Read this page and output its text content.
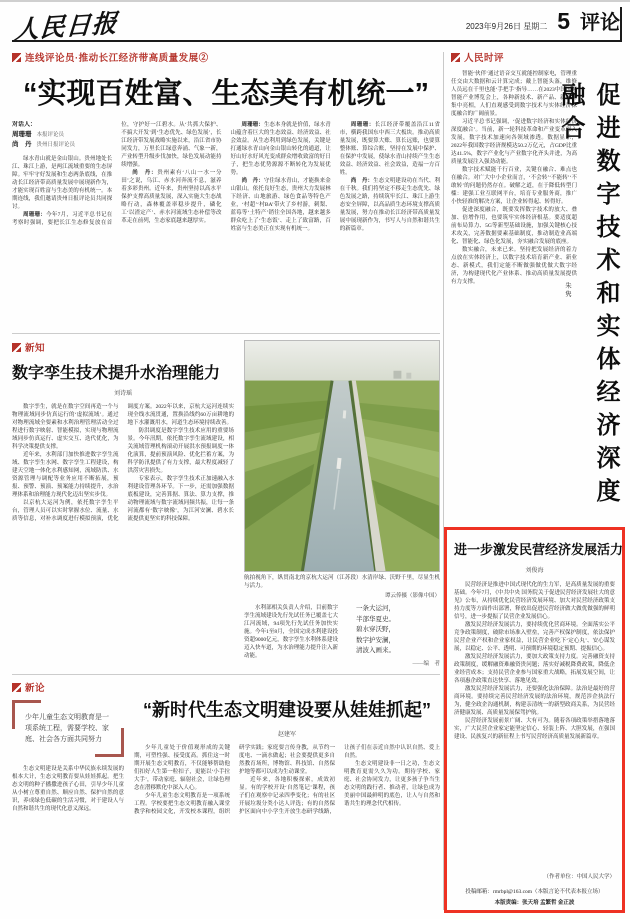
人民日报	2023年9月26日 星期二 5 评论
连线评论员·推动长江经济带高质量发展②
“实现百姓富、生态美有机统一”
对话人：
周珊珊 本报评论员
尚　丹 贵州日报评论员

绿水青山就是金山银山。贵州地处长江、珠江上游，是两江流域重要的生态屏障。牢牢守好发展和生态两条底线，在推动长江经济带高质量发展中展现新作为，才能实现百姓富与生态美的有机统一。本期连线，我们邀请贵州日报评论员共同探讨。

周珊珊：今年7月，习近平总书记在考察时强调，要把长江生态修复放在首位，守护好一江碧水。从‘共抓大保护、不搞大开发’到‘生态优先、绿色发展’，长江经济带发展战略实施以来，沿江省市协同发力，万里长江绿意奔涌、气象一新，产业转型升级步伐加快，绿色发展动能持续增强。

尚　丹：贵州素有‘八山一水一分田’之说，乌江、赤水河奔流不息，滋养着多彩贵州。近年来，贵州坚持以高水平保护支撑高质量发展，深入实施大生态战略行动，森林覆盖率稳步提升，磷化工‘以渣定产’、赤水河流域生态补偿等改革走在前列，生态家底越来越厚实。

周珊珊：生态本身就是价值，绿水青山蕴含着巨大的生态效益、经济效益、社会效益。从生态利用到绿色发展，关键是打通绿水青山向金山银山转化的通道，让好山好水好风光变成群众增收致富的好日子，把生态优势源源不断转化为发展优势。

尚　丹：守住绿水青山，才能换来金山银山。依托良好生态，贵州大力发展林下经济、山地旅游、绿色食品等特色产业，‘村超’‘村BA’带火了乡村游，刺梨、蓝莓等‘土特产’销往全国各地，越来越多群众吃上了‘生态饭’、走上了致富路，百姓富与生态美正在实现有机统一。

周珊珊：长江经济带覆盖沿江11省市，横跨我国东中西三大板块。推动高质量发展，既要算大账、算长远账，也要算整体账、算综合账，坚持在发展中保护、在保护中发展，使绿水青山持续产生生态效益、经济效益、社会效益，造福一方百姓。

尚　丹：生态文明建设功在当代、利在千秋。我们将坚定不移走生态优先、绿色发展之路，持续筑牢长江、珠江上游生态安全屏障，以高品质生态环境支撑高质量发展，努力在推动长江经济带高质量发展中展现新作为，书写人与自然和谐共生的新篇章。

新知
数字孪生技术提升水治理能力
刘诗瑶

数字孪生，就是在数字空间再造一个与物理流域同步仿真运行的‘虚拟流域’。通过对物理流域全要素和水利治理管理活动全过程进行数字映射、智能模拟，实现与物理流域同步仿真运行、虚实交互、迭代优化，为科学决策提供支撑。

近年来，水利部门加快推进数字孪生流域、数字孪生水网、数字孪生工程建设，构建天空地一体化水利感知网，流域防洪、水资源管理与调配等业务应用不断拓展，预报、预警、预演、预案能力持续提升，水治理体系和治理能力现代化迈出坚实步伐。

以京杭大运河为例，依托数字孪生平台，管理人员可以实时掌握水位、流量、水质等信息，对补水调度进行模拟预演，优化调度方案。2022年以来，京杭大运河连续实现全线水流贯通，置换沿线约60万亩耕地的地下水灌溉用水，河道生态环境持续改善。

防洪调度是数字孪生技术应用的重要场景。今年汛期，依托数字孪生流域建设，相关流域管理机构滚动开展洪水预报调度一体化演算，提前预演风险、优化拦蓄方案，为科学防汛提供了有力支撑，最大程度减轻了洪涝灾害损失。

专家表示，数字孪生技术正加速融入水利建设管理各环节。下一步，还需加强数据底板建设，完善算据、算法、算力支撑，推动物理流域与数字流域同频共振，让每一条河流都有‘数字映像’，为江河安澜、碧水长流提供更坚实的科技保障。

航拍视角下，纵贯南北的京杭大运河（江苏段）水清岸绿、沃野千里，尽显生机与活力。
谭云俸摄（影像中国）

水利部相关负责人介绍，目前数字孪生流域建设先行先试任务已覆盖七大江河流域，94项先行先试任务加快实施。今年1至8月，全国完成水利建设投资超9000亿元，数字孪生水利体系建设迈入快车道，为水治理能力提升注入新动能。

一条大运河，

半部华夏史。

碧水穿沃野，

数字护安澜，

清波入画来。

——编　者
新论
少年儿童生态文明教育是一项系统工程，需要学校、家庭、社会各方面共同努力

生态文明建设是关系中华民族永续发展的根本大计，生态文明教育要从娃娃抓起。把生态文明的种子播撒进孩子心田，引导少年儿童从小树立尊重自然、顺应自然、保护自然的意识，养成绿色低碳的生活习惯，对于建设人与自然和谐共生的现代化意义深远。

“新时代生态文明建设要从娃娃抓起”
赵建军

少年儿童处于价值观形成的关键期，可塑性强、接受度高。抓住这一时期开展生态文明教育，不仅能够帮助他们扣好人生第一粒扣子，更能以‘小手拉大手’，带动家庭、辐射社会，让绿色理念在潜移默化中深入人心。

少年儿童生态文明教育是一项系统工程。学校要把生态文明教育融入课堂教学和校园文化，开发校本课程，组织研学实践；家庭要言传身教，从节约一度电、一滴水做起；社会要提供更多自然教育场所，博物馆、科技馆、自然保护地等都可以成为生动课堂。

近年来，各地积极探索，成效初显。有的学校开设‘自然笔记’课程，孩子们在观察中记录四季变化；有的社区开展垃圾分类小达人评选；有的自然保护区面向中小学生开放生态研学线路，让孩子们在亲近自然中认识自然、爱上自然。

生态文明建设非一日之功，生态文明教育更需久久为功。期待学校、家庭、社会协同发力，让更多孩子争当生态文明的践行者、推动者，让绿色成为美丽中国最鲜明的底色，让人与自然和谐共生的理念代代相传。

人民时评

智能‘伙伴’通过语音交互就能控制家电，管理重任交由大数据和云计算完成；戴上智能头盔，维修人员远在千里也能‘手把手’指导……在2023中国国际智能产业博览会上，各种新技术、新产品、新应用集中亮相，人们直观感受到数字技术与实体经济深度融合的广阔前景。

习近平总书记强调，‘促进数字经济和实体经济深度融合’。当前，新一轮科技革命和产业变革深入发展，数字技术加速向各领域渗透。数据显示，2022年我国数字经济规模达50.2万亿元，占GDP比重达41.5%，数字产业化与产业数字化齐头并进，为高质量发展注入强劲动能。

数字技术赋能千行百业，关键在融合、难点也在融合。对广大中小企业而言，‘不会转’‘不能转’‘不敢转’的问题仍然存在。破解之道，在于降低转型门槛：建强工业互联网平台，培育专业服务商，推广小快轻准的解决方案，让企业转得起、转得好。

促进深度融合，既要发挥数字技术的放大、叠加、倍增作用，也要筑牢实体经济根基。要适度超前布局算力、5G等新型基础设施，加强关键核心技术攻关，完善数据要素基础制度，推动制造业高端化、智能化、绿色化发展，夯实融合发展的底座。

数实融合，未来已来。坚持把发展经济的着力点放在实体经济上，以数字技术培育新产业、新业态、新模式，我们定能不断做强做优做大数字经济，为构建现代化产业体系、推动高质量发展提供有力支撑。	促进数字技术和实体经济深度融合
朱隽
进一步激发民营经济发展活力
刘俊海

民营经济是推进中国式现代化的生力军，是高质量发展的重要基础。今年7月，《中共中央 国务院关于促进民营经济发展壮大的意见》公布，从持续优化民营经济发展环境、加大对民营经济政策支持力度等方面作出部署，释放出促进民营经济做大做优做强的鲜明信号，进一步提振了民营企业发展信心。

激发民营经济发展活力，要持续优化营商环境。全面落实公平竞争政策制度，破除市场准入壁垒，完善产权保护制度，依法保护民营企业产权和企业家权益，让民营企业吃下‘定心丸’、安心谋发展，以稳定、公平、透明、可预期的环境稳定预期、提振信心。

激发民营经济发展活力，要加大政策支持力度。完善融资支持政策制度，缓解融资难融资贵问题；落实好减税降费政策，降低企业经营成本；支持民营企业参与国家重大战略，拓展发展空间，让各项惠企政策直达快享、落地见效。

激发民营经济发展活力，还要强化法治保障。法治是最好的营商环境。要持续完善民营经济发展的法治环境，规范涉企执法行为，健全政企沟通机制，构建亲清统一的新型政商关系，为民营经济健康发展、高质量发展保驾护航。

民营经济发展前景广阔、大有可为。随着各项政策举措落地落实，广大民营企业家定能坚定信心、轻装上阵、大胆发展，在强国建设、民族复兴的新征程上书写民营经济高质量发展新篇章。

（作者单位：中国人民大学）

投稿邮箱：rmrbpl@163.com（本版言论不代表本报立场）
本版责编：张天培 孟繁哲 金正波
